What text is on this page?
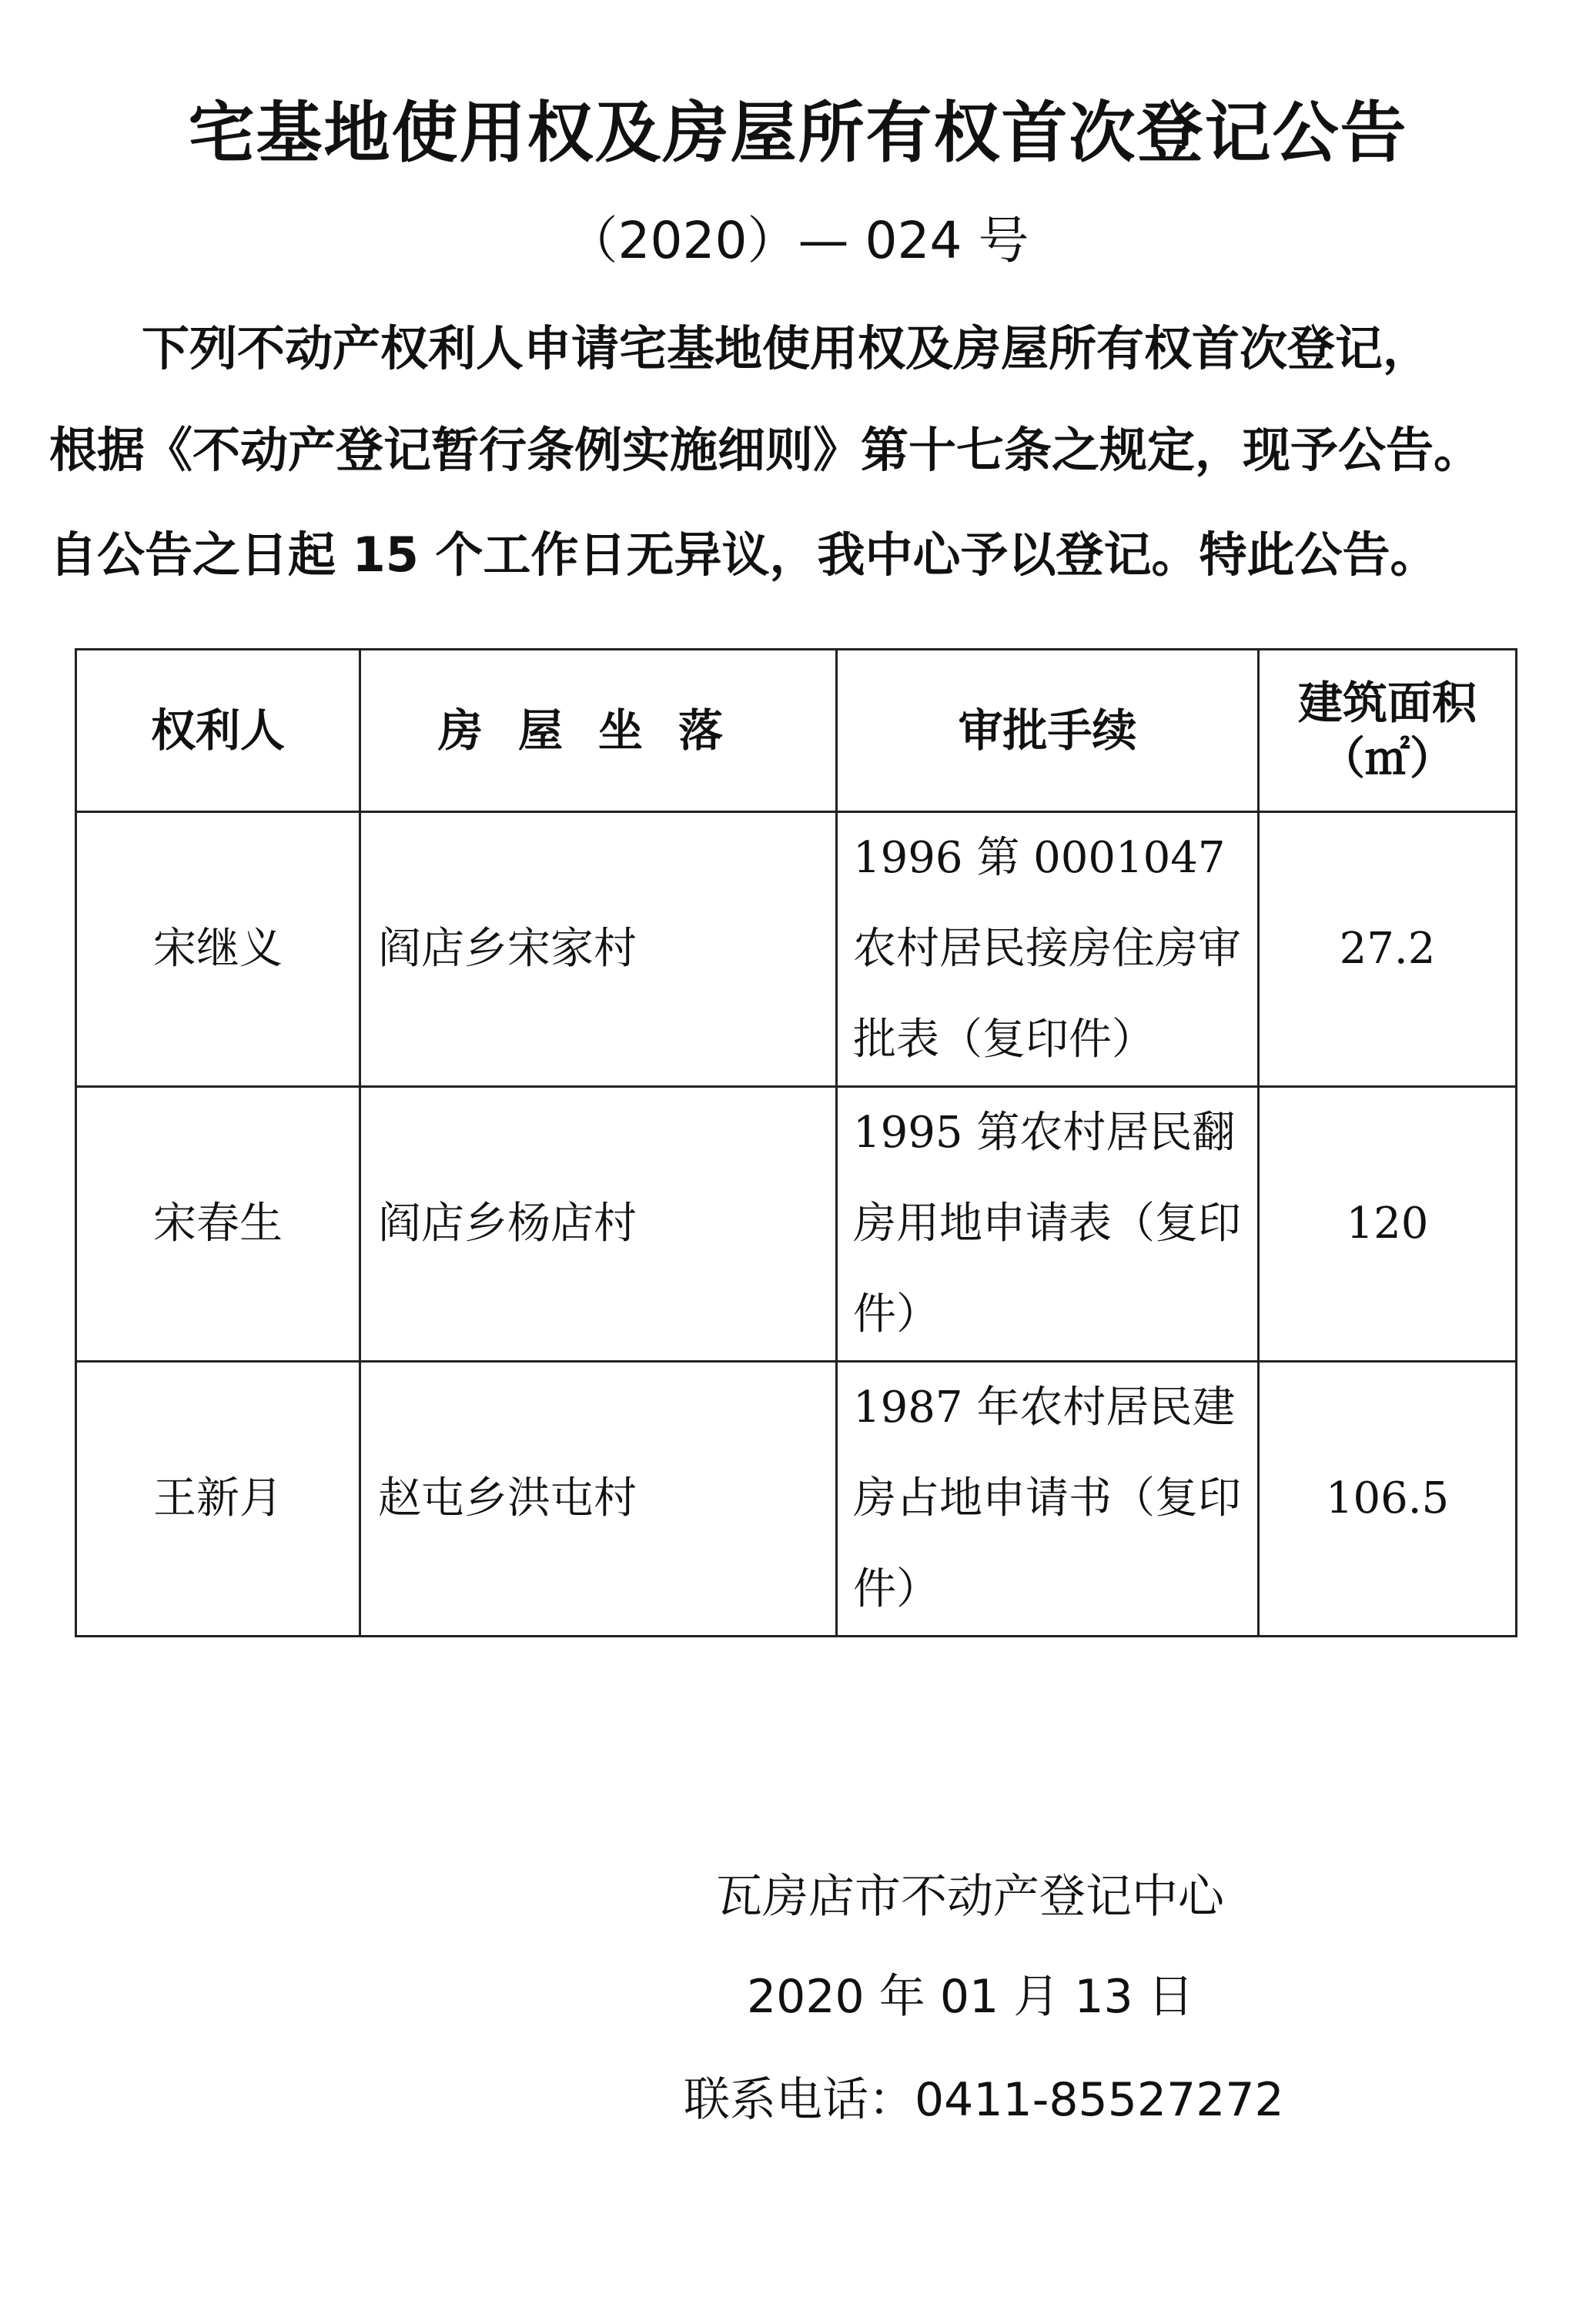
宅基地使用权及房屋所有权首次登记公告
（2020）— 024 号
下列不动产权利人申请宅基地使用权及房屋所有权首次登记，
根据《不动产登记暂行条例实施细则》第十七条之规定，现予公告。
自公告之日起 15 个工作日无异议，我中心予以登记。特此公告。
权利人	房屋坐落	审批手续	建筑面积
（㎡）

宋继义	阎店乡宋家村	1996 第 0001047 农村居民接房住房审批表（复印件）	27.2
宋春生	阎店乡杨店村	1995 第农村居民翻房用地申请表（复印件）	120
王新月	赵屯乡洪屯村	1987 年农村居民建房占地申请书（复印件）	106.5
瓦房店市不动产登记中心
2020 年 01 月 13 日
联系电话：0411-85527272
